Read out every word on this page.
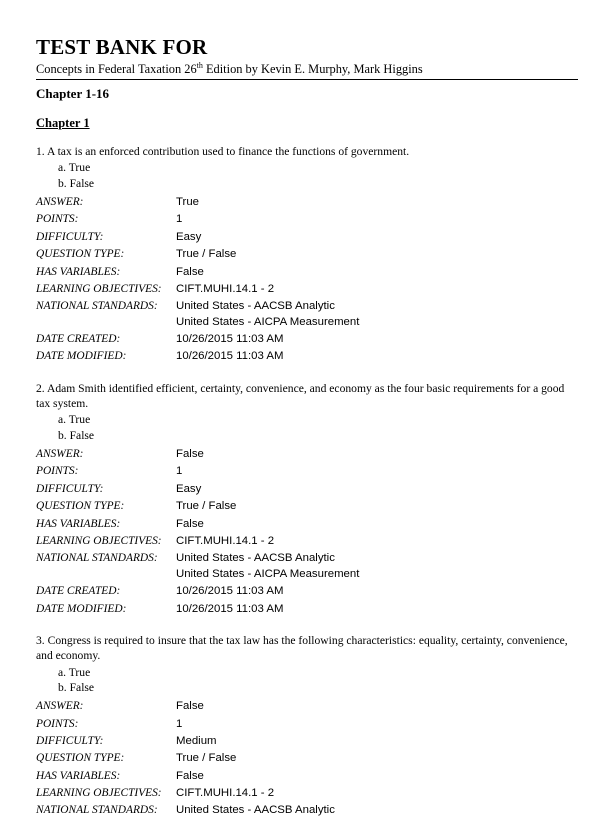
TEST BANK FOR
Concepts in Federal Taxation 26th Edition by Kevin E. Murphy, Mark Higgins
Chapter 1-16
Chapter 1

1. A tax is an enforced contribution used to finance the functions of government.

a. True
b. False
ANSWER:	True
POINTS:	1
DIFFICULTY:	Easy
QUESTION TYPE:	True / False
HAS VARIABLES:	False
LEARNING OBJECTIVES:	CIFT.MUHI.14.1 - 2
NATIONAL STANDARDS:	United States - AACSB Analytic
United States - AICPA Measurement

DATE CREATED:	10/26/2015 11:03 AM
DATE MODIFIED:	10/26/2015 11:03 AM

2. Adam Smith identified efficient, certainty, convenience, and economy as the four basic requirements for a good tax system.

a. True
b. False
ANSWER:	False
POINTS:	1
DIFFICULTY:	Easy
QUESTION TYPE:	True / False
HAS VARIABLES:	False
LEARNING OBJECTIVES:	CIFT.MUHI.14.1 - 2
NATIONAL STANDARDS:	United States - AACSB Analytic
United States - AICPA Measurement

DATE CREATED:	10/26/2015 11:03 AM
DATE MODIFIED:	10/26/2015 11:03 AM

3. Congress is required to insure that the tax law has the following characteristics: equality, certainty, convenience, and economy.

a. True
b. False
ANSWER:	False
POINTS:	1
DIFFICULTY:	Medium
QUESTION TYPE:	True / False
HAS VARIABLES:	False
LEARNING OBJECTIVES:	CIFT.MUHI.14.1 - 2
NATIONAL STANDARDS:	United States - AACSB Analytic
